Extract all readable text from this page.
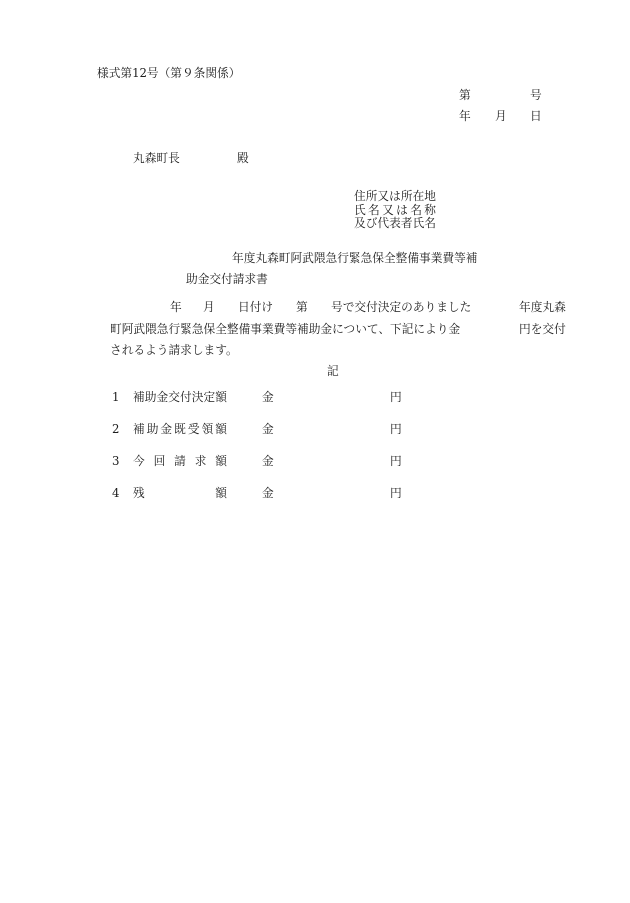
様式第12号（第９条関係）
第	号
年 月 日
丸森町長	殿
住所又は所在地
氏名又は名称
及び代表者氏名
年度丸森町阿武隈急行緊急保全整備事業費等補
助金交付請求書
年 月 日付け 第 号で交付決定のありました	年度丸森
町阿武隈急行緊急保全整備事業費等補助金について、下記により金	円を交付
されるよう請求します。
記
1 補助金交付決定額	金	円
2 補助金既受領額	金	円
3 今回請求額	金	円
4 残額	金	円
